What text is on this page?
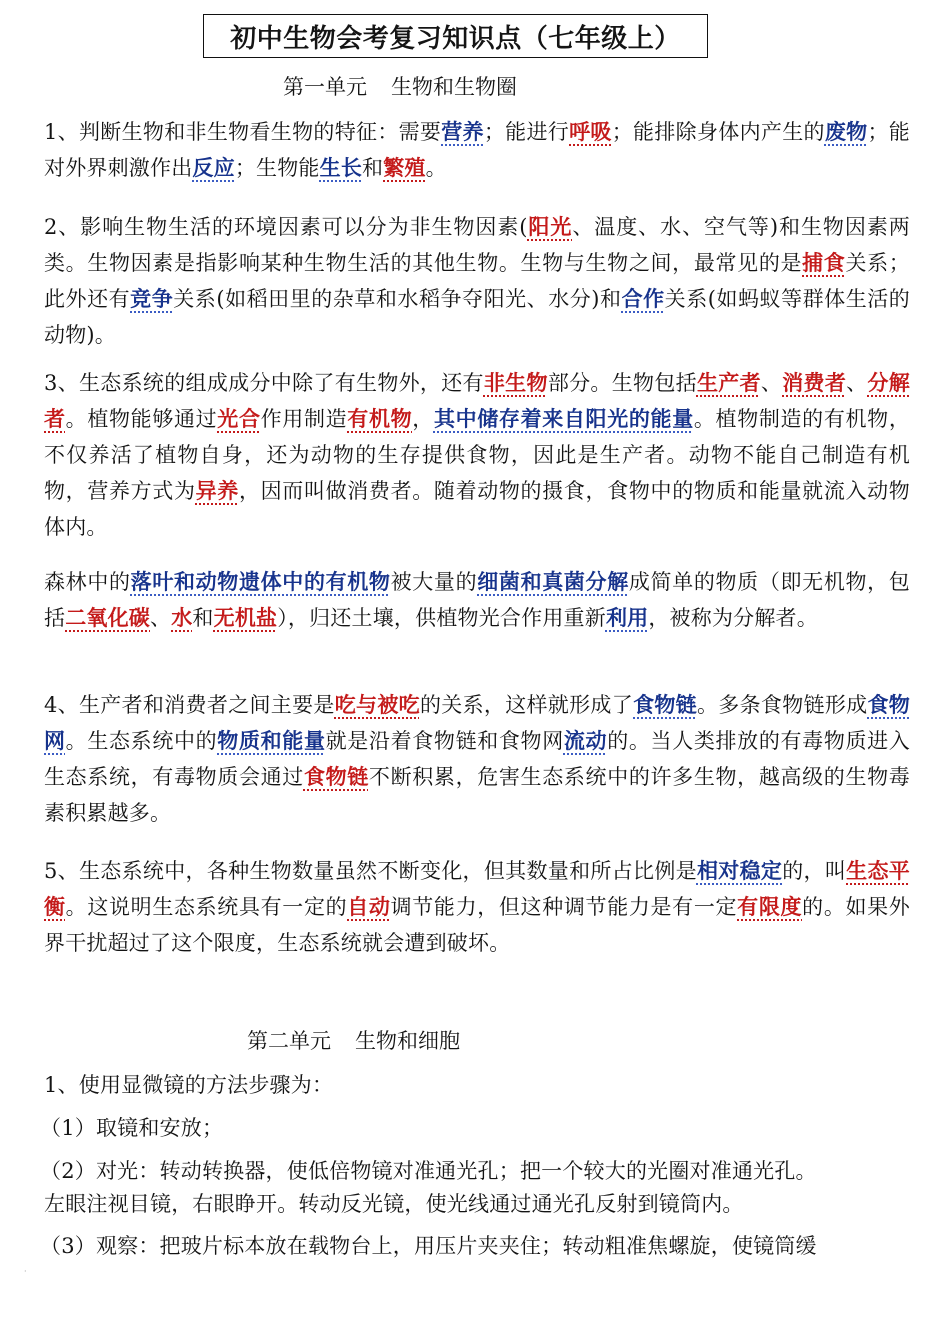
初中生物会考复习知识点（七年级上）
第一单元 生物和生物圈
1、判断生物和非生物看生物的特征：需要营养；能进行呼吸；能排除身体内产生的废物；能对外界刺激作出反应；生物能生长和繁殖。
2、影响生物生活的环境因素可以分为非生物因素(阳光、温度、水、空气等)和生物因素两类。生物因素是指影响某种生物生活的其他生物。生物与生物之间，最常见的是捕食关系；此外还有竞争关系(如稻田里的杂草和水稻争夺阳光、水分)和合作关系(如蚂蚁等群体生活的动物)。
3、生态系统的组成成分中除了有生物外，还有非生物部分。生物包括生产者、消费者、分解者。植物能够通过光合作用制造有机物，其中储存着来自阳光的能量。植物制造的有机物，不仅养活了植物自身，还为动物的生存提供食物，因此是生产者。动物不能自己制造有机物，营养方式为异养，因而叫做消费者。随着动物的摄食，食物中的物质和能量就流入动物体内。
森林中的落叶和动物遗体中的有机物被大量的细菌和真菌分解成简单的物质（即无机物，包括二氧化碳、水和无机盐），归还土壤，供植物光合作用重新利用，被称为分解者。
4、生产者和消费者之间主要是吃与被吃的关系，这样就形成了食物链。多条食物链形成食物网。生态系统中的物质和能量就是沿着食物链和食物网流动的。当人类排放的有毒物质进入生态系统，有毒物质会通过食物链不断积累，危害生态系统中的许多生物，越高级的生物毒素积累越多。
5、生态系统中，各种生物数量虽然不断变化，但其数量和所占比例是相对稳定的，叫生态平衡。这说明生态系统具有一定的自动调节能力，但这种调节能力是有一定有限度的。如果外界干扰超过了这个限度，生态系统就会遭到破坏。
第二单元 生物和细胞
1、使用显微镜的方法步骤为：
（1）取镜和安放；
（2）对光：转动转换器，使低倍物镜对准通光孔；把一个较大的光圈对准通光孔。
左眼注视目镜，右眼睁开。转动反光镜，使光线通过通光孔反射到镜筒内。
（3）观察：把玻片标本放在载物台上，用压片夹夹住；转动粗准焦螺旋，使镜筒缓
·
